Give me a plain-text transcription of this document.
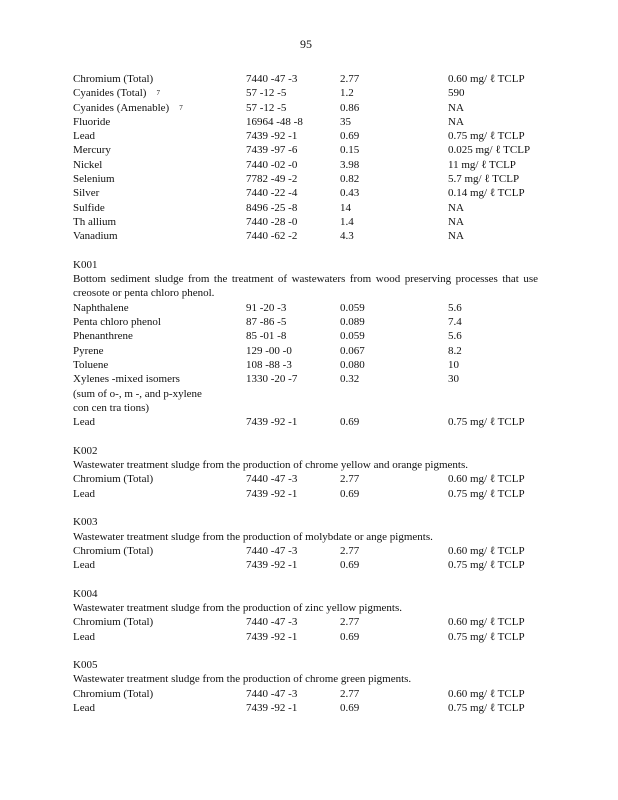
95
Chromium (Total)	7440 -47 -3	2.77	0.60 mg/ ℓ TCLP
Cyanides (Total) 7	57 -12 -5	1.2	590
Cyanides (Amenable) 7	57 -12 -5	0.86	NA
Fluoride	16964 -48 -8	35	NA
Lead	7439 -92 -1	0.69	0.75 mg/ ℓ TCLP
Mercury	7439 -97 -6	0.15	0.025 mg/ ℓ TCLP
Nickel	7440 -02 -0	3.98	11 mg/ ℓ TCLP
Selenium	7782 -49 -2	0.82	5.7 mg/ ℓ TCLP
Silver	7440 -22 -4	0.43	0.14 mg/ ℓ TCLP
Sulfide	8496 -25 -8	14	NA
Th allium	7440 -28 -0	1.4	NA
Vanadium	7440 -62 -2	4.3	NA
K001
Bottom sediment sludge from the treatment of wastewaters from wood preserving processes that use creosote or penta chloro phenol.
Naphthalene	91 -20 -3	0.059	5.6
Penta chloro phenol	87 -86 -5	0.089	7.4
Phenanthrene	85 -01 -8	0.059	5.6
Pyrene	129 -00 -0	0.067	8.2
Toluene	108 -88 -3	0.080	10
Xylenes -mixed isomers	1330 -20 -7	0.32	30
(sum of o-, m -, and p-xylene
con cen tra tions)
Lead	7439 -92 -1	0.69	0.75 mg/ ℓ TCLP
K002
Wastewater treatment sludge from the production of chrome yellow and orange pigments.
Chromium (Total)	7440 -47 -3	2.77	0.60 mg/ ℓ TCLP
Lead	7439 -92 -1	0.69	0.75 mg/ ℓ TCLP
K003
Wastewater treatment sludge from the production of molybdate or ange pigments.
Chromium (Total)	7440 -47 -3	2.77	0.60 mg/ ℓ TCLP
Lead	7439 -92 -1	0.69	0.75 mg/ ℓ TCLP
K004
Wastewater treatment sludge from the production of zinc yellow pigments.
Chromium (Total)	7440 -47 -3	2.77	0.60 mg/ ℓ TCLP
Lead	7439 -92 -1	0.69	0.75 mg/ ℓ TCLP
K005
Wastewater treatment sludge from the production of chrome green pigments.
Chromium (Total)	7440 -47 -3	2.77	0.60 mg/ ℓ TCLP
Lead	7439 -92 -1	0.69	0.75 mg/ ℓ TCLP
